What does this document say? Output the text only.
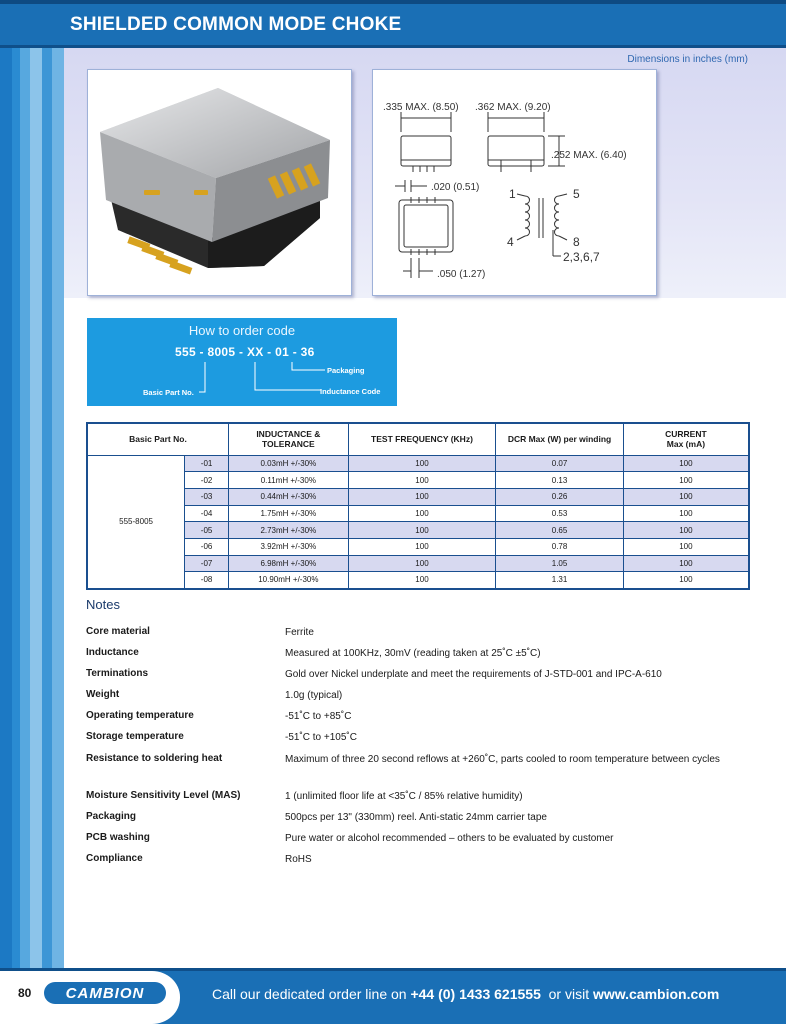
SHIELDED COMMON MODE CHOKE
Dimensions in inches (mm)
.335 MAX. (8.50) .362 MAX. (9.20)
.252 MAX. (6.40)
.020 (0.51)
.050 (1.27)
1
4
5
8
2,3,6,7
How to order code
555 - 8005 - XX - 01 - 36
Packaging
Inductance Code
Basic Part No.
Basic Part No.		INDUCTANCE & TOLERANCE	TEST FREQUENCY (KHz)	DCR Max (W) per winding	CURRENT
Max (mA)
555-8005	-01	0.03mH +/-30%	100	0.07	100
	-02	0.11mH +/-30%	100	0.13	100
	-03	0.44mH +/-30%	100	0.26	100
	-04	1.75mH +/-30%	100	0.53	100
	-05	2.73mH +/-30%	100	0.65	100
	-06	3.92mH +/-30%	100	0.78	100
	-07	6.98mH +/-30%	100	1.05	100
	-08	10.90mH +/-30%	100	1.31	100
Notes
Core material	Ferrite
Inductance	Measured at 100KHz, 30mV (reading taken at 25˚C ±5˚C)
Terminations	Gold over Nickel underplate and meet the requirements of J-STD-001 and IPC-A-610
Weight	1.0g (typical)
Operating temperature	-51˚C to +85˚C
Storage temperature	-51˚C to +105˚C
Resistance to soldering heat	Maximum of three 20 second reflows at +260˚C, parts cooled to room temperature between cycles
Moisture Sensitivity Level (MAS)	1 (unlimited floor life at <35˚C / 85% relative humidity)
Packaging	500pcs per 13" (330mm) reel. Anti-static 24mm carrier tape
PCB washing	Pure water or alcohol recommended – others to be evaluated by customer
Compliance	RoHS
80 CAMBION	Call our dedicated order line on +44 (0) 1433 621555  or visit www.cambion.com
